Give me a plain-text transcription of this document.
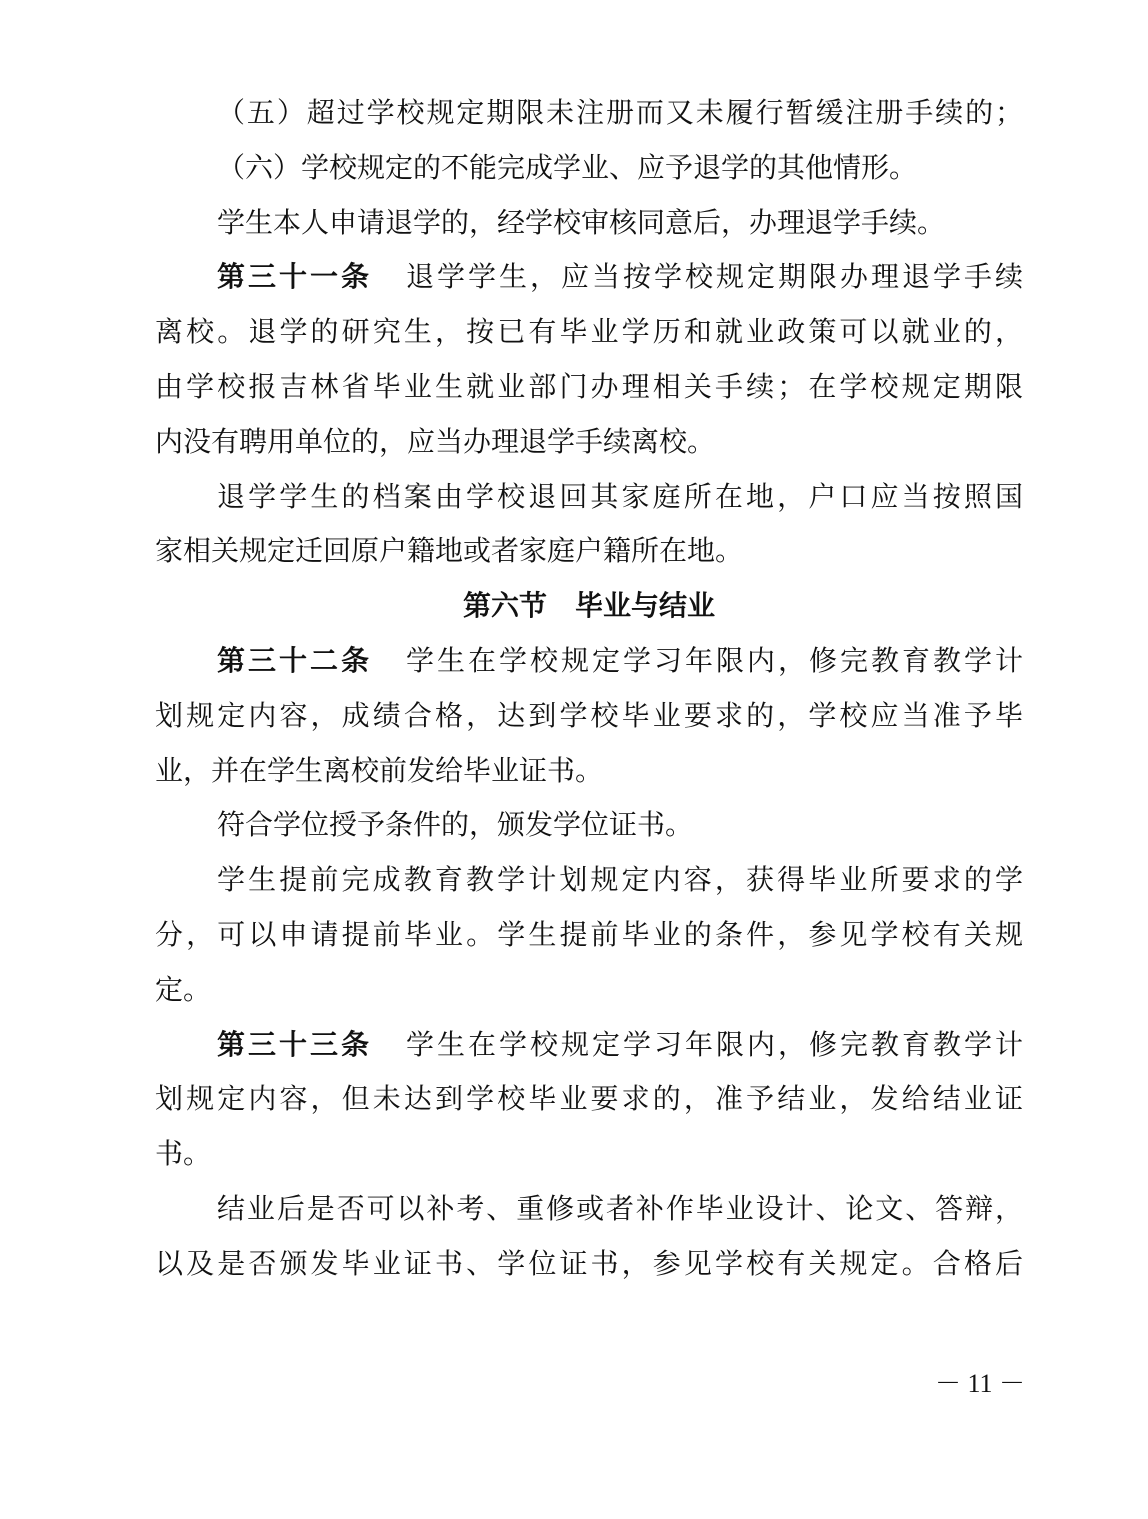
（五）超过学校规定期限未注册而又未履行暂缓注册手续的；
（六）学校规定的不能完成学业、应予退学的其他情形。
学生本人申请退学的，经学校审核同意后，办理退学手续。
第三十一条 退学学生，应当按学校规定期限办理退学手续
离校。退学的研究生，按已有毕业学历和就业政策可以就业的，
由学校报吉林省毕业生就业部门办理相关手续；在学校规定期限
内没有聘用单位的，应当办理退学手续离校。
退学学生的档案由学校退回其家庭所在地，户口应当按照国
家相关规定迁回原户籍地或者家庭户籍所在地。
第六节 毕业与结业
第三十二条 学生在学校规定学习年限内，修完教育教学计
划规定内容，成绩合格，达到学校毕业要求的，学校应当准予毕
业，并在学生离校前发给毕业证书。
符合学位授予条件的，颁发学位证书。
学生提前完成教育教学计划规定内容，获得毕业所要求的学
分，可以申请提前毕业。学生提前毕业的条件，参见学校有关规
定。
第三十三条 学生在学校规定学习年限内，修完教育教学计
划规定内容，但未达到学校毕业要求的，准予结业，发给结业证
书。
结业后是否可以补考、重修或者补作毕业设计、论文、答辩，
以及是否颁发毕业证书、学位证书，参见学校有关规定。合格后
－ 11 －
